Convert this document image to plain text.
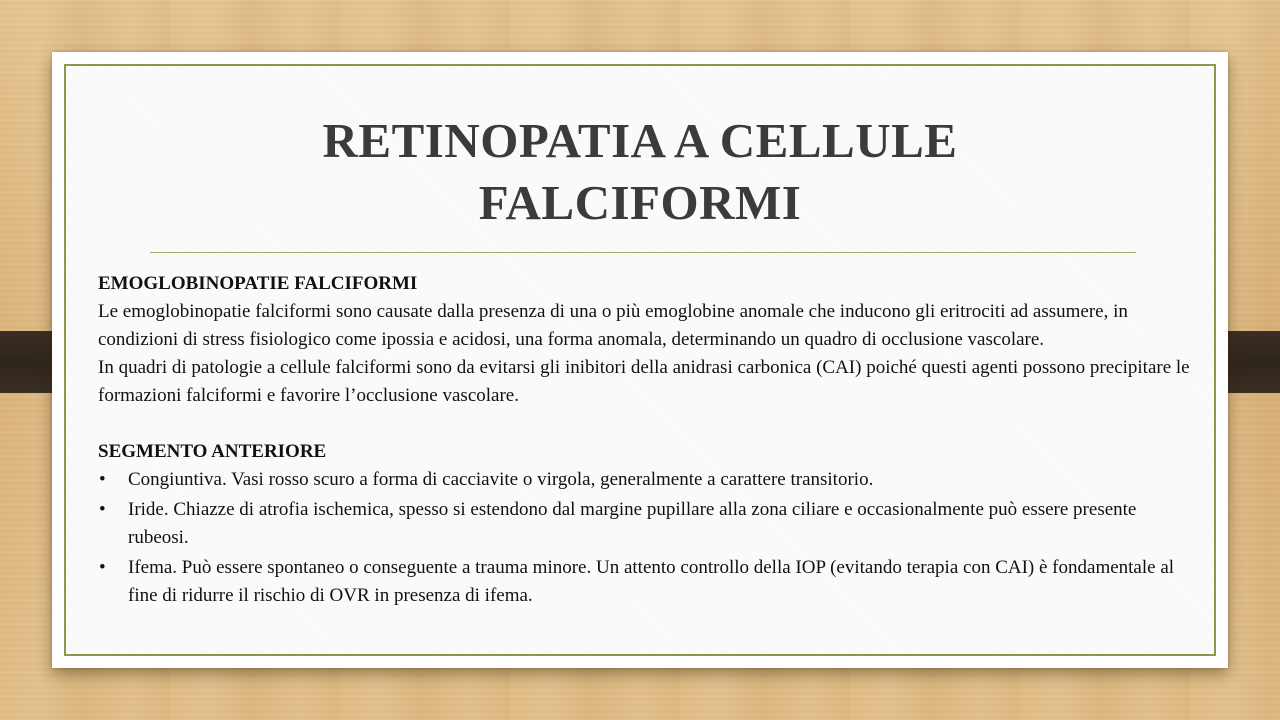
RETINOPATIA A CELLULE
FALCIFORMI

EMOGLOBINOPATIE FALCIFORMI

Le emoglobinopatie falciformi sono causate dalla presenza di una o più emoglobine anomale che inducono gli eritrociti ad assumere, in condizioni di stress fisiologico come ipossia e acidosi, una forma anomala, determinando un quadro di occlusione vascolare.

In quadri di patologie a cellule falciformi sono da evitarsi gli inibitori della anidrasi carbonica (CAI) poiché questi agenti possono precipitare le formazioni falciformi e favorire l’occlusione vascolare.

SEGMENTO ANTERIORE

• Congiuntiva. Vasi rosso scuro a forma di cacciavite o virgola, generalmente a carattere transitorio.
• Iride. Chiazze di atrofia ischemica, spesso si estendono dal margine pupillare alla zona ciliare e occasionalmente può essere presente rubeosi.
• Ifema. Può essere spontaneo o conseguente a trauma minore. Un attento controllo della IOP (evitando terapia con CAI) è fondamentale al fine di ridurre il rischio di OVR in presenza di ifema.
